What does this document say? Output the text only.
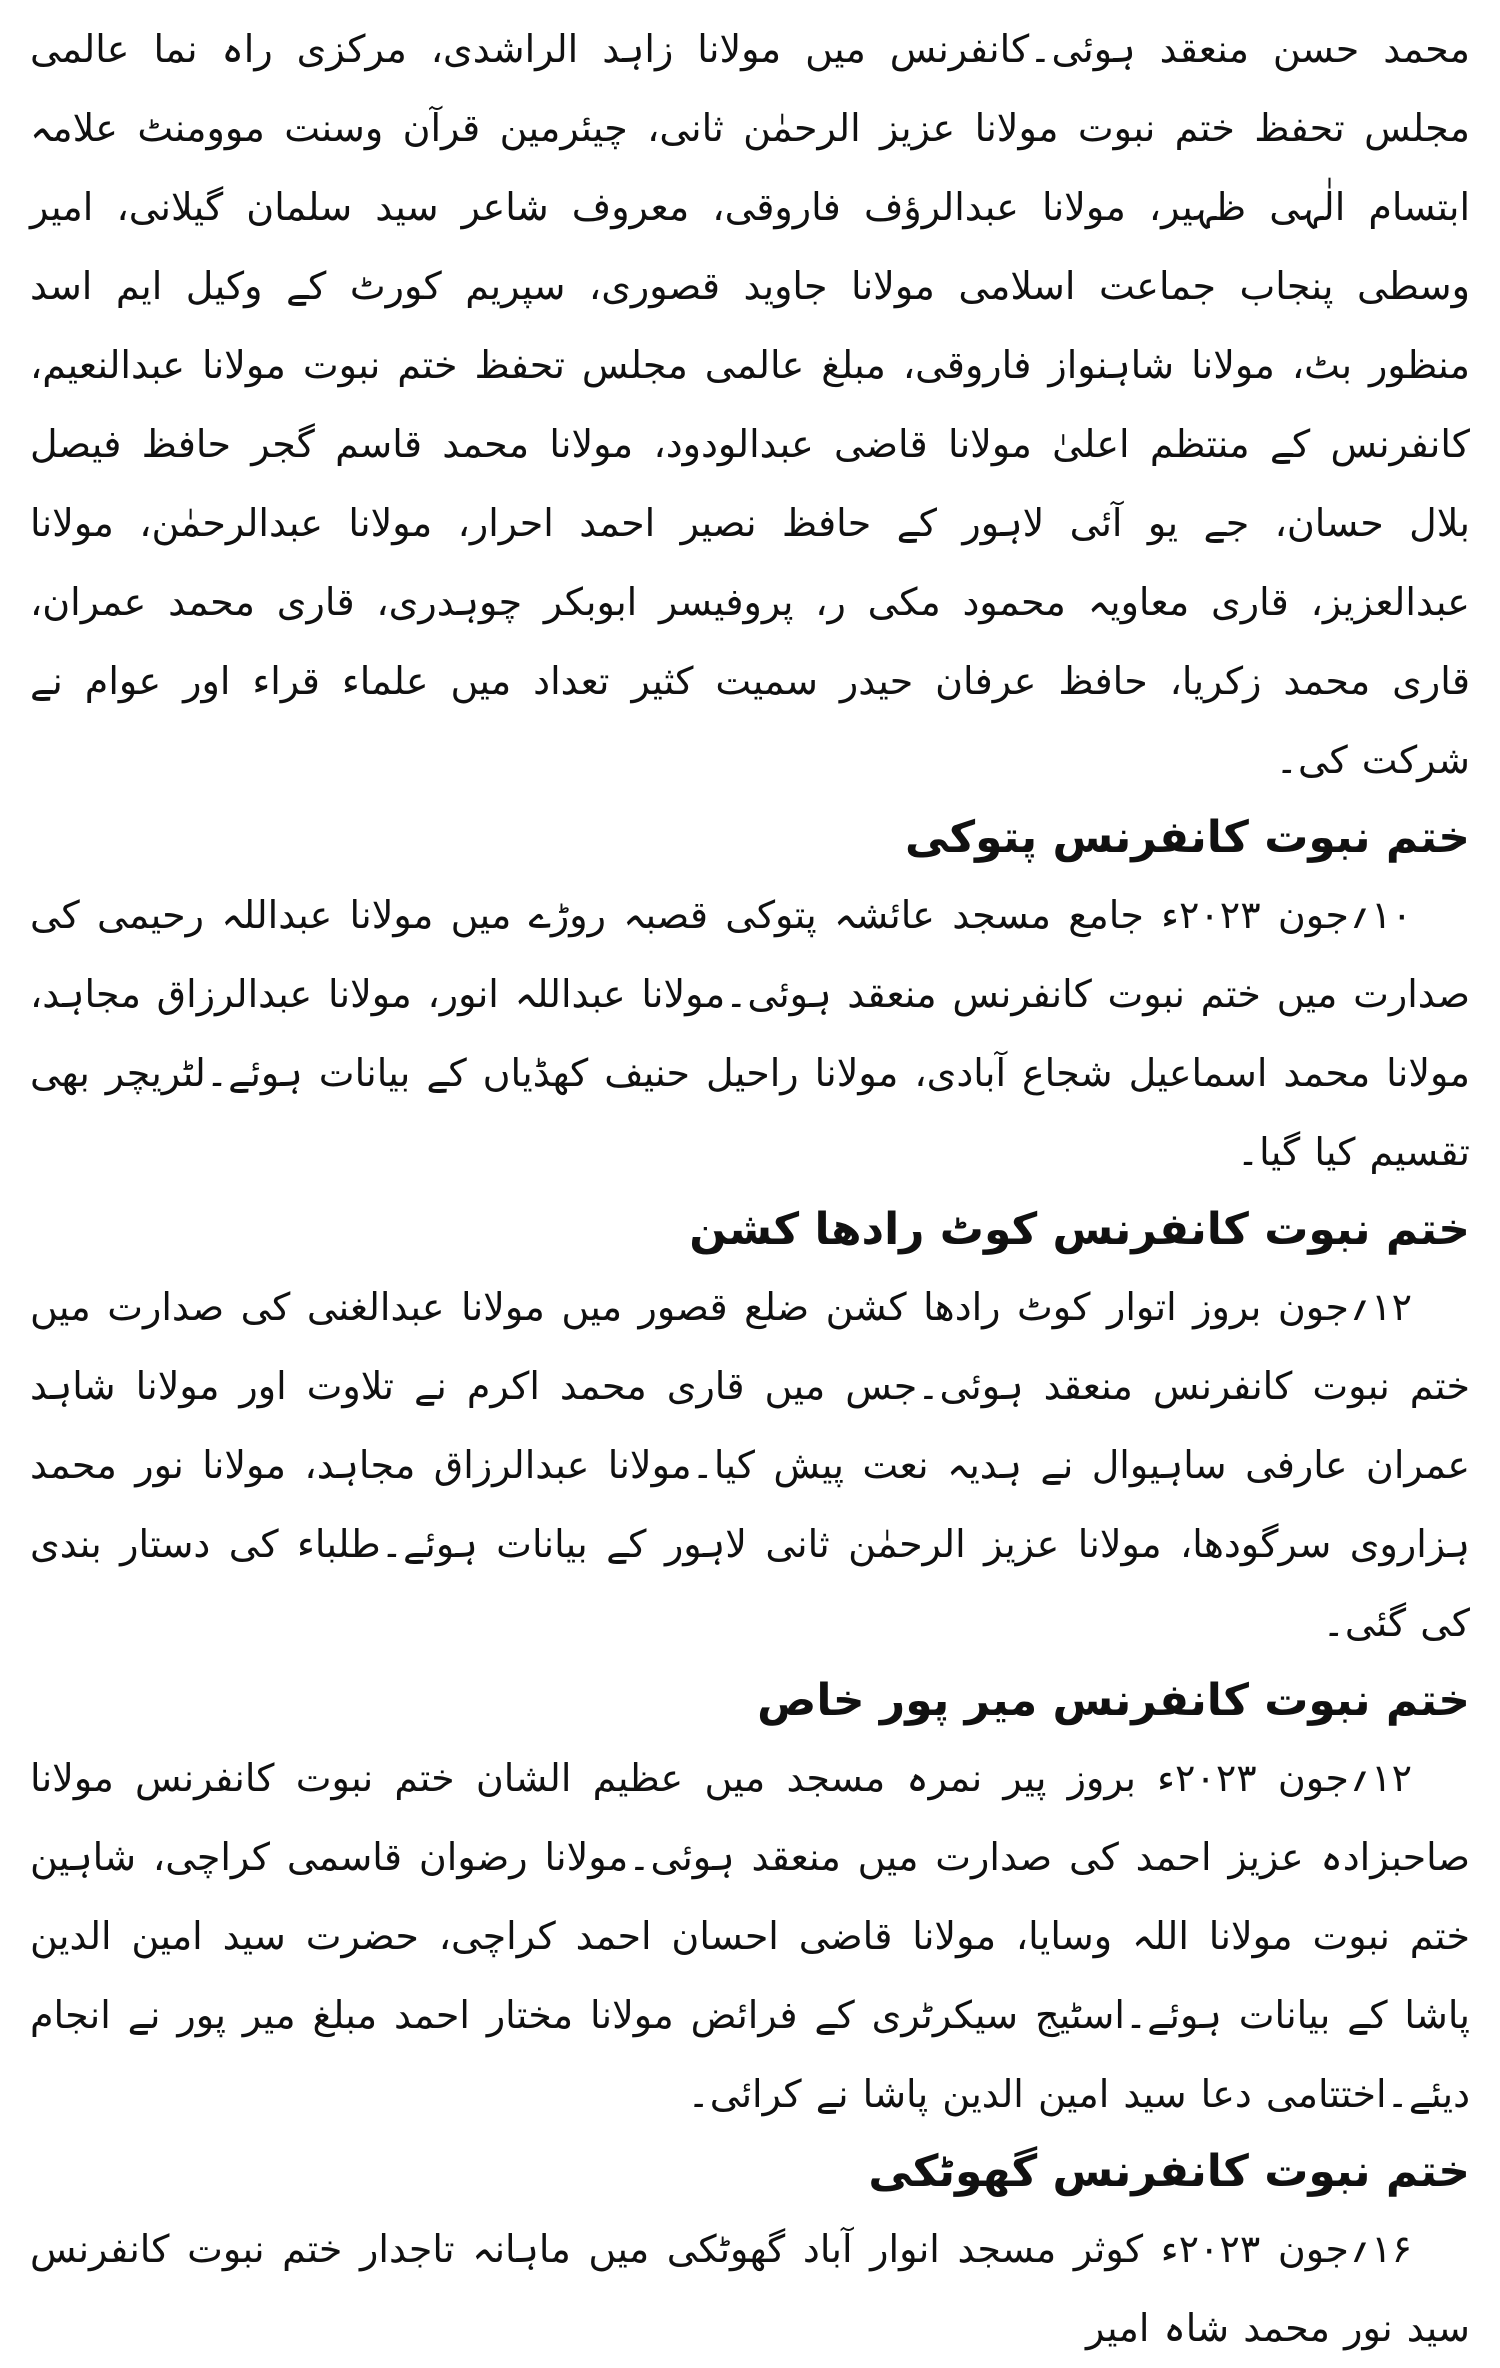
محمد حسن منعقد ہوئی۔کانفرنس میں مولانا زاہد الراشدی، مرکزی راہ نما عالمی مجلس تحفظ ختم نبوت مولانا عزیز الرحمٰن ثانی، چیئرمین قرآن وسنت موومنٹ علامہ ابتسام الٰہی ظہیر، مولانا عبدالرؤف فاروقی، معروف شاعر سید سلمان گیلانی، امیر وسطی پنجاب جماعت اسلامی مولانا جاوید قصوری، سپریم کورٹ کے وکیل ایم اسد منظور بٹ، مولانا شاہنواز فاروقی، مبلغ عالمی مجلس تحفظ ختم نبوت مولانا عبدالنعیم، کانفرنس کے منتظم اعلیٰ مولانا قاضی عبدالودود، مولانا محمد قاسم گجر حافظ فیصل بلال حسان، جے یو آئی لاہور کے حافظ نصیر احمد احرار، مولانا عبدالرحمٰن، مولانا عبدالعزیز، قاری معاویہ محمود مکی ر، پروفیسر ابوبکر چوہدری، قاری محمد عمران، قاری محمد زکریا، حافظ عرفان حیدر سمیت کثیر تعداد میں علماء قراء اور عوام نے شرکت کی۔

ختم نبوت کانفرنس پتوکی

۱۰؍جون ۲۰۲۳ء جامع مسجد عائشہ پتوکی قصبہ روڑے میں مولانا عبداللہ رحیمی کی صدارت میں ختم نبوت کانفرنس منعقد ہوئی۔مولانا عبداللہ انور، مولانا عبدالرزاق مجاہد، مولانا محمد اسماعیل شجاع آبادی، مولانا راحیل حنیف کھڈیاں کے بیانات ہوئے۔لٹریچر بھی تقسیم کیا گیا۔

ختم نبوت کانفرنس کوٹ رادھا کشن

۱۲؍جون بروز اتوار کوٹ رادھا کشن ضلع قصور میں مولانا عبدالغنی کی صدارت میں ختم نبوت کانفرنس منعقد ہوئی۔جس میں قاری محمد اکرم نے تلاوت اور مولانا شاہد عمران عارفی ساہیوال نے ہدیہ نعت پیش کیا۔مولانا عبدالرزاق مجاہد، مولانا نور محمد ہزاروی سرگودھا، مولانا عزیز الرحمٰن ثانی لاہور کے بیانات ہوئے۔طلباء کی دستار بندی کی گئی۔

ختم نبوت کانفرنس میر پور خاص

۱۲؍جون ۲۰۲۳ء بروز پیر نمرہ مسجد میں عظیم الشان ختم نبوت کانفرنس مولانا صاحبزادہ عزیز احمد کی صدارت میں منعقد ہوئی۔مولانا رضوان قاسمی کراچی، شاہین ختم نبوت مولانا اللہ وسایا، مولانا قاضی احسان احمد کراچی، حضرت سید امین الدین پاشا کے بیانات ہوئے۔اسٹیج سیکرٹری کے فرائض مولانا مختار احمد مبلغ میر پور نے انجام دیئے۔اختتامی دعا سید امین الدین پاشا نے کرائی۔

ختم نبوت کانفرنس گھوٹکی

۱۶؍جون ۲۰۲۳ء کوثر مسجد انوار آباد گھوٹکی میں ماہانہ تاجدار ختم نبوت کانفرنس سید نور محمد شاہ امیر
